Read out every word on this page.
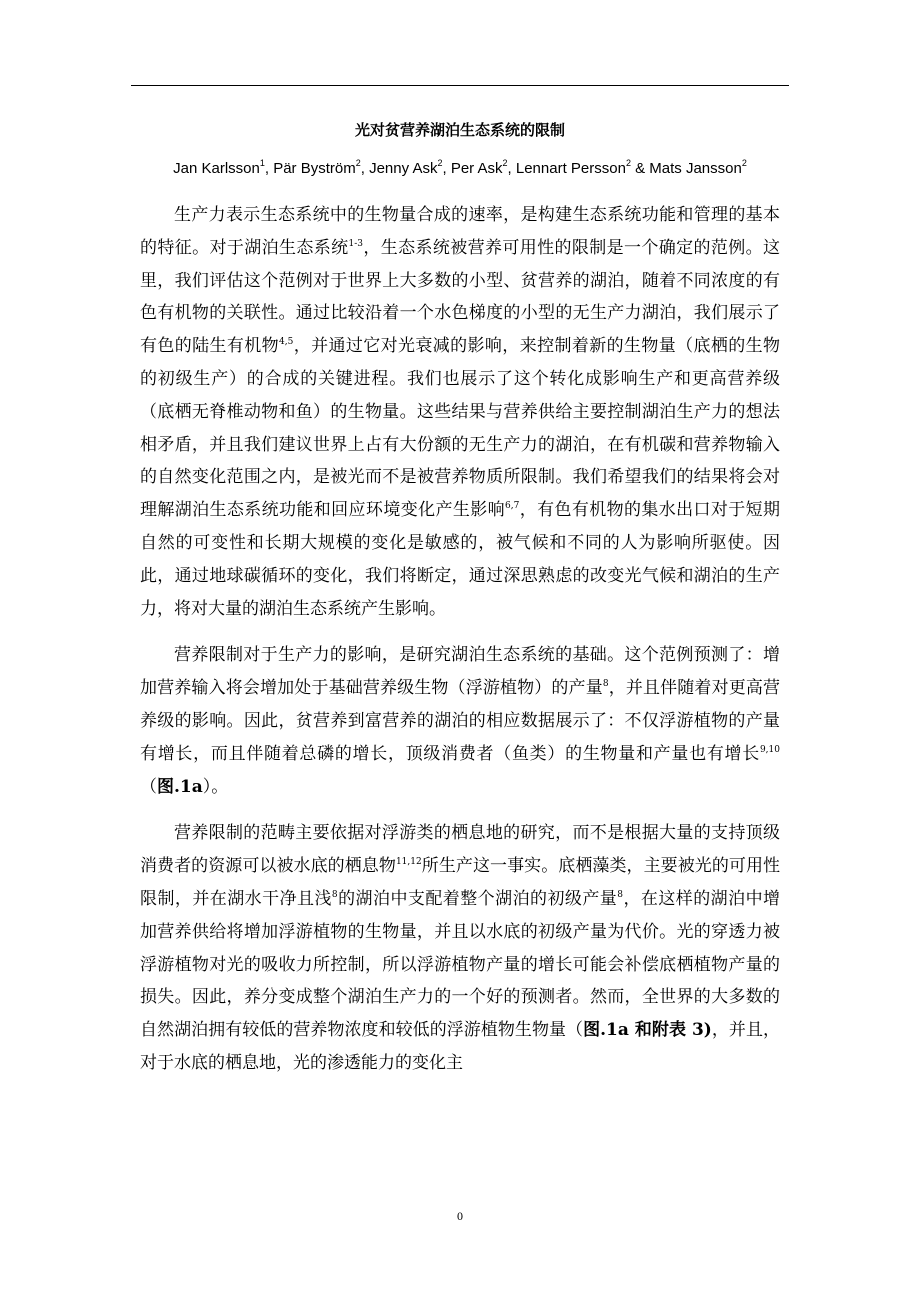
光对贫营养湖泊生态系统的限制
Jan Karlsson$^1$, Pär Byström$^2$, Jenny Ask$^2$, Per Ask$^2$, Lennart Persson$^2$ & Mats Jansson$^2$

生产力表示生态系统中的生物量合成的速率，是构建生态系统功能和管理的基本的特征。对于湖泊生态系统$^{1-3}$，生态系统被营养可用性的限制是一个确定的范例。这里，我们评估这个范例对于世界上大多数的小型、贫营养的湖泊，随着不同浓度的有色有机物的关联性。通过比较沿着一个水色梯度的小型的无生产力湖泊，我们展示了有色的陆生有机物$^{4,5}$，并通过它对光衰减的影响，来控制着新的生物量（底栖的生物的初级生产）的合成的关键进程。我们也展示了这个转化成影响生产和更高营养级（底栖无脊椎动物和鱼）的生物量。这些结果与营养供给主要控制湖泊生产力的想法相矛盾，并且我们建议世界上占有大份额的无生产力的湖泊，在有机碳和营养物输入的自然变化范围之内，是被光而不是被营养物质所限制。我们希望我们的结果将会对理解湖泊生态系统功能和回应环境变化产生影响$^{6,7}$，有色有机物的集水出口对于短期自然的可变性和长期大规模的变化是敏感的，被气候和不同的人为影响所驱使。因此，通过地球碳循环的变化，我们将断定，通过深思熟虑的改变光气候和湖泊的生产力，将对大量的湖泊生态系统产生影响。

营养限制对于生产力的影响，是研究湖泊生态系统的基础。这个范例预测了：增加营养输入将会增加处于基础营养级生物（浮游植物）的产量$^8$，并且伴随着对更高营养级的影响。因此，贫营养到富营养的湖泊的相应数据展示了：不仅浮游植物的产量有增长，而且伴随着总磷的增长，顶级消费者（鱼类）的生物量和产量也有增长$^{9,10}$（图.1a）。

营养限制的范畴主要依据对浮游类的栖息地的研究，而不是根据大量的支持顶级消费者的资源可以被水底的栖息物$^{11,12}$所生产这一事实。底栖藻类，主要被光的可用性限制，并在湖水干净且浅$^8$的湖泊中支配着整个湖泊的初级产量$^8$，在这样的湖泊中增加营养供给将增加浮游植物的生物量，并且以水底的初级产量为代价。光的穿透力被浮游植物对光的吸收力所控制，所以浮游植物产量的增长可能会补偿底栖植物产量的损失。因此，养分变成整个湖泊生产力的一个好的预测者。然而，全世界的大多数的自然湖泊拥有较低的营养物浓度和较低的浮游植物生物量（图.1a 和附表 3)，并且，对于水底的栖息地，光的渗透能力的变化主

0
